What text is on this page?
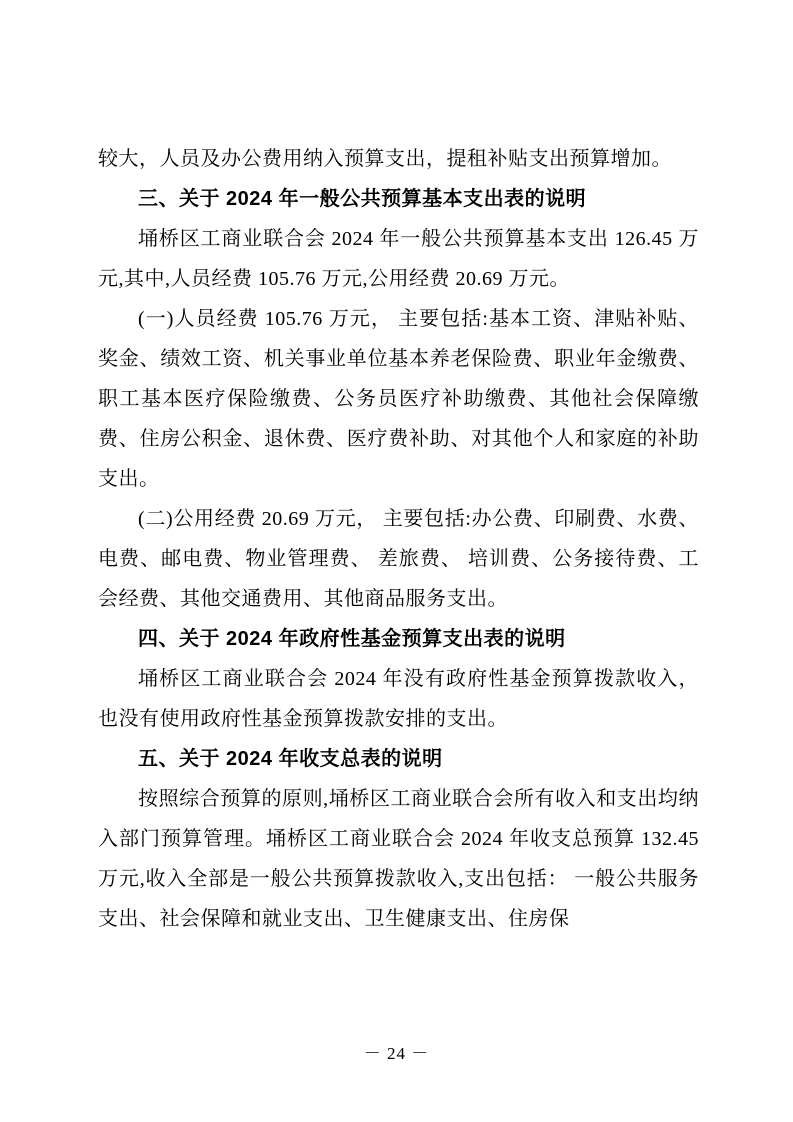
较大，人员及办公费用纳入预算支出，提租补贴支出预算增加。

三、关于 2024 年一般公共预算基本支出表的说明

埇桥区工商业联合会 2024 年一般公共预算基本支出 126.45 万元,其中,人员经费 105.76 万元,公用经费 20.69 万元。

(一)人员经费 105.76 万元， 主要包括:基本工资、津贴补贴、奖金、绩效工资、机关事业单位基本养老保险费、职业年金缴费、职工基本医疗保险缴费、公务员医疗补助缴费、其他社会保障缴费、住房公积金、退休费、医疗费补助、对其他个人和家庭的补助支出。

(二)公用经费 20.69 万元， 主要包括:办公费、印刷费、水费、电费、邮电费、物业管理费、 差旅费、 培训费、公务接待费、工会经费、其他交通费用、其他商品服务支出。

四、关于 2024 年政府性基金预算支出表的说明

埇桥区工商业联合会 2024 年没有政府性基金预算拨款收入，也没有使用政府性基金预算拨款安排的支出。

五、关于 2024 年收支总表的说明

按照综合预算的原则,埇桥区工商业联合会所有收入和支出均纳入部门预算管理。埇桥区工商业联合会 2024 年收支总预算 132.45 万元,收入全部是一般公共预算拨款收入,支出包括： 一般公共服务支出、社会保障和就业支出、卫生健康支出、住房保

－ 24 －
